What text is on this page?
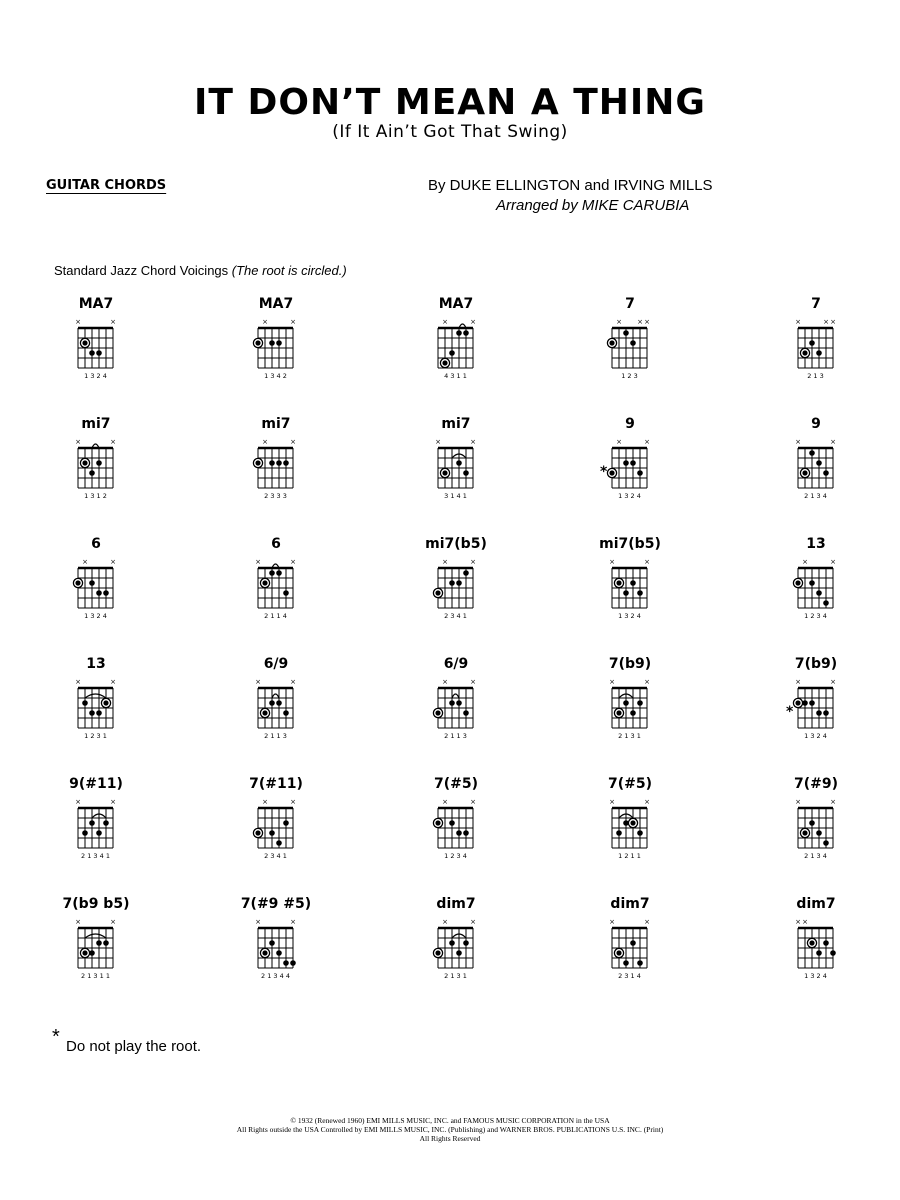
IT DON’T MEAN A THING
(If It Ain’t Got That Swing)
GUITAR CHORDS	By DUKE ELLINGTON and IRVING MILLS
Arranged by MIKE CARUBIA
Standard Jazz Chord Voicings (The root is circled.)
MA7
×	×
1 3 2 4
MA7
×	×
1 3 4 2
MA7
×	×
4 3 1 1
7
× × ×
1 2 3
7
×	× ×
2 1 3
mi7
×	×
1 3 1 2
mi7
×	×
2 3 3 3
mi7
×	×
3 1 4 1
9
×	×
*
1 3 2 4
9
×	×
2 1 3 4
6
×	×
1 3 2 4
6
×	×
2 1 1 4
mi7(b5)
×	×
2 3 4 1
mi7(b5)
×	×
1 3 2 4
13
×	×
1 2 3 4
13
×	×
1 2 3 1
6/9
×	×
2 1 1 3
6/9
×	×
2 1 1 3
7(b9)
×	×
2 1 3 1
7(b9)
×	×
*
1 3 2 4
9(#11)
×	×
2 1 3 4 1
7(#11)
×	×
2 3 4 1
7(#5)
×	×
1 2 3 4
7(#5)
×	×
1 2 1 1
7(#9)
×	×
2 1 3 4
7(b9 b5)
×	×
2 1 3 1 1
7(#9 #5)
×	×
2 1 3 4 4
dim7
×	×
2 1 3 1
dim7
×	×
2 3 1 4
dim7
× ×
1 3 2 4
* Do not play the root.
© 1932 (Renewed 1960) EMI MILLS MUSIC, INC. and FAMOUS MUSIC CORPORATION in the USA
All Rights outside the USA Controlled by EMI MILLS MUSIC, INC. (Publishing) and WARNER BROS. PUBLICATIONS U.S. INC. (Print)
All Rights Reserved
